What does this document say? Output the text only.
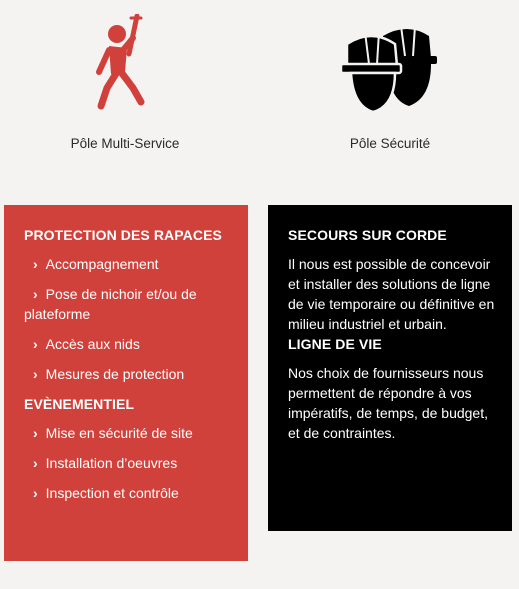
Pôle Multi-Service	Pôle Sécurité
PROTECTION DES RAPACES
› Accompagnement
› Pose de nichoir et/ou de plateforme
› Accès aux nids
› Mesures de protection
EVÈNEMENTIEL
› Mise en sécurité de site
› Installation d’oeuvres
› Inspection et contrôle
SECOURS SUR CORDE

Il nous est possible de concevoir et installer des solutions de ligne de vie temporaire ou définitive en milieu industriel et urbain.

LIGNE DE VIE

Nos choix de fournisseurs nous permettent de répondre à vos impératifs, de temps, de budget, et de contraintes.
